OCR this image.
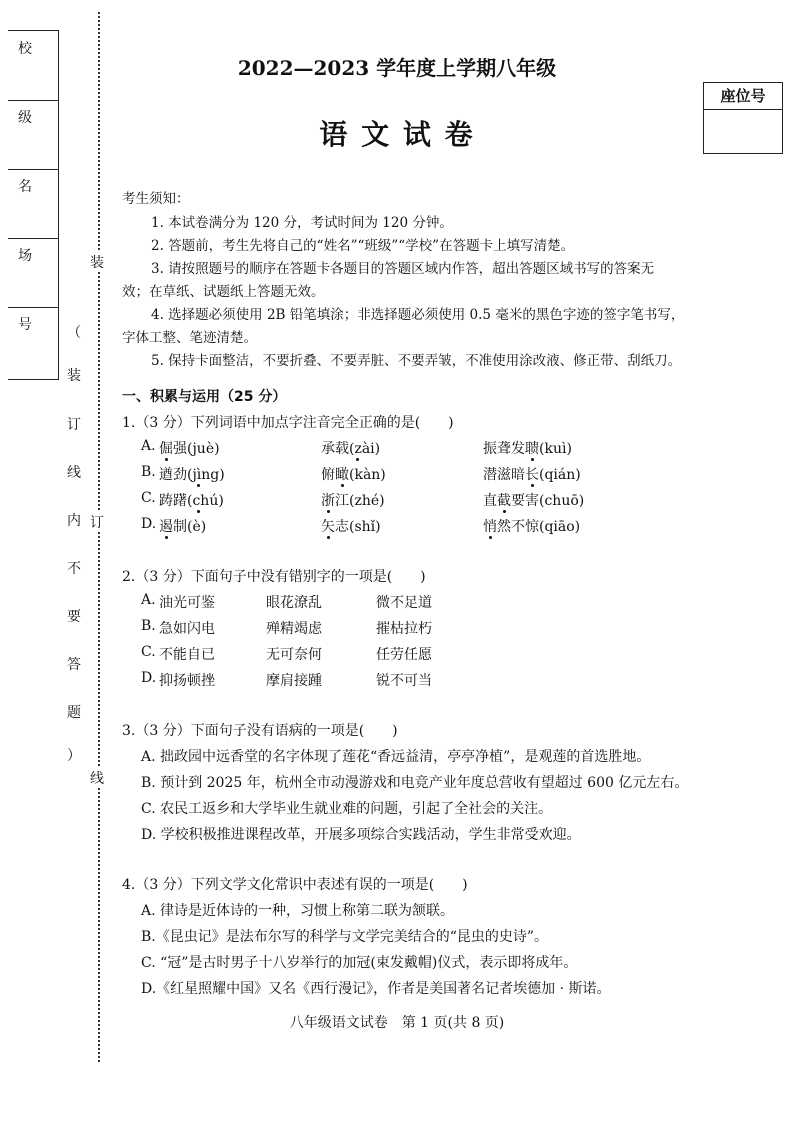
校
级
名
场
号	（
装
订
线
内
不
要
答
题
）
装
订
线
2022—2023 学年度上学期八年级
语 文 试 卷
座位号
考生须知：
1. 本试卷满分为 120 分，考试时间为 120 分钟。
2. 答题前，考生先将自己的“姓名”“班级”“学校”在答题卡上填写清楚。
3. 请按照题号的顺序在答题卡各题目的答题区域内作答，超出答题区域书写的答案无
效；在草纸、试题纸上答题无效。
4. 选择题必须使用 2B 铅笔填涂；非选择题必须使用 0.5 毫米的黑色字迹的签字笔书写，
字体工整、笔迹清楚。
5. 保持卡面整洁，不要折叠、不要弄脏、不要弄皱，不准使用涂改液、修正带、刮纸刀。
一、积累与运用（25 分）
1.（3 分）下列词语中加点字注音完全正确的是(　　)
A. 倔强(juè)	承载(zài)	振聋发聩(kuì)
B. 遒劲(jìng)	俯瞰(kàn)	潜滋暗长(qián)
C. 踌躇(chú)	浙江(zhé)	直截要害(chuō)
D. 遏制(è)	矢志(shǐ)	悄然不惊(qiāo)
2.（3 分）下面句子中没有错别字的一项是(　　)
A. 油光可鉴	眼花潦乱	微不足道
B. 急如闪电	殚精竭虑	摧枯拉朽
C. 不能自已	无可奈何	任劳任愿
D. 抑扬顿挫	摩肩接踵	锐不可当
3.（3 分）下面句子没有语病的一项是(　　)
A. 拙政园中远香堂的名字体现了莲花“香远益清，亭亭净植”，是观莲的首选胜地。
B. 预计到 2025 年，杭州全市动漫游戏和电竞产业年度总营收有望超过 600 亿元左右。
C. 农民工返乡和大学毕业生就业难的问题，引起了全社会的关注。
D. 学校积极推进课程改革，开展多项综合实践活动，学生非常受欢迎。
4.（3 分）下列文学文化常识中表述有误的一项是(　　)
A. 律诗是近体诗的一种，习惯上称第二联为颔联。
B.《昆虫记》是法布尔写的科学与文学完美结合的“昆虫的史诗”。
C. “冠”是古时男子十八岁举行的加冠(束发戴帽)仪式，表示即将成年。
D.《红星照耀中国》又名《西行漫记》，作者是美国著名记者埃德加 · 斯诺。
八年级语文试卷　第 1 页(共 8 页)
